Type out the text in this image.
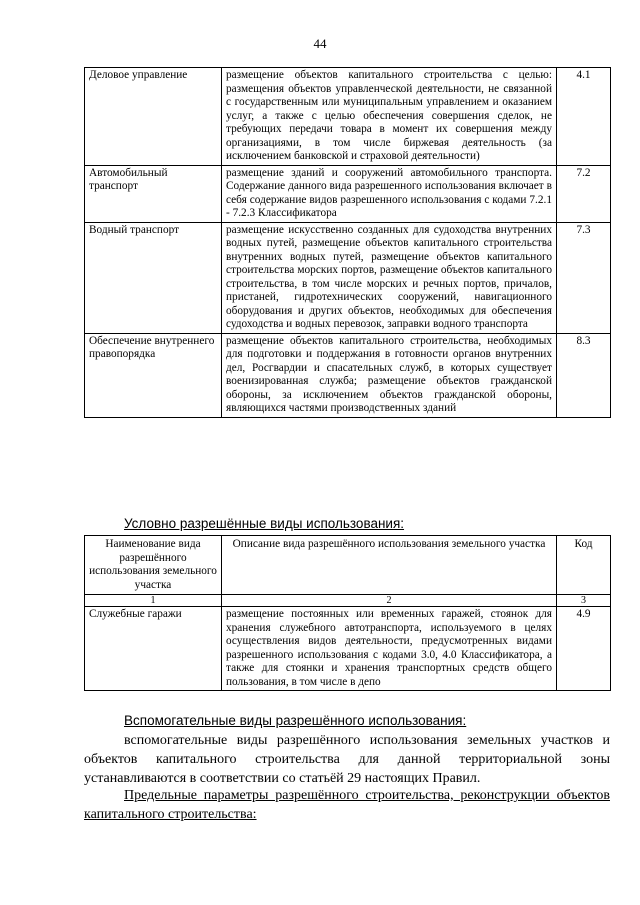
44
Деловое управление	размещение объектов капитального строительства с целью: размещения объектов управленческой деятельности, не связанной с государственным или муниципальным управлением и оказанием услуг, а также с целью обеспечения совершения сделок, не требующих передачи товара в момент их совершения между организациями, в том числе биржевая деятельность (за исключением банковской и страховой деятельности)	4.1
Автомобильный транспорт	размещение зданий и сооружений автомобильного транспорта. Содержание данного вида разрешенного использования включает в себя содержание видов разрешенного использования с кодами 7.2.1 - 7.2.3 Классификатора	7.2
Водный транспорт	размещение искусственно созданных для судоходства внутренних водных путей, размещение объектов капитального строительства внутренних водных путей, размещение объектов капитального строительства морских портов, размещение объектов капитального строительства, в том числе морских и речных портов, причалов, пристаней, гидротехнических сооружений, навигационного оборудования и других объектов, необходимых для обеспечения судоходства и водных перевозок, заправки водного транспорта	7.3
Обеспечение внутреннего правопорядка	размещение объектов капитального строительства, необходимых для подготовки и поддержания в готовности органов внутренних дел, Росгвардии и спасательных служб, в которых существует военизированная служба; размещение объектов гражданской обороны, за исключением объектов гражданской обороны, являющихся частями производственных зданий	8.3
Условно разрешённые виды использования:
Наименование вида разрешённого использования земельного участка	Описание вида разрешённого использования земельного участка	Код
1	2	3
Служебные гаражи	размещение постоянных или временных гаражей, стоянок для хранения служебного автотранспорта, используемого в целях осуществления видов деятельности, предусмотренных видами разрешенного использования с кодами 3.0, 4.0 Классификатора, а также для стоянки и хранения транспортных средств общего пользования, в том числе в депо	4.9
Вспомогательные виды разрешённого использования:
вспомогательные виды разрешённого использования земельных участков и объектов капитального строительства для данной территориальной зоны устанавливаются в соответствии со статьёй 29 настоящих Правил.
Предельные параметры разрешённого строительства, реконструкции объектов капитального строительства:
